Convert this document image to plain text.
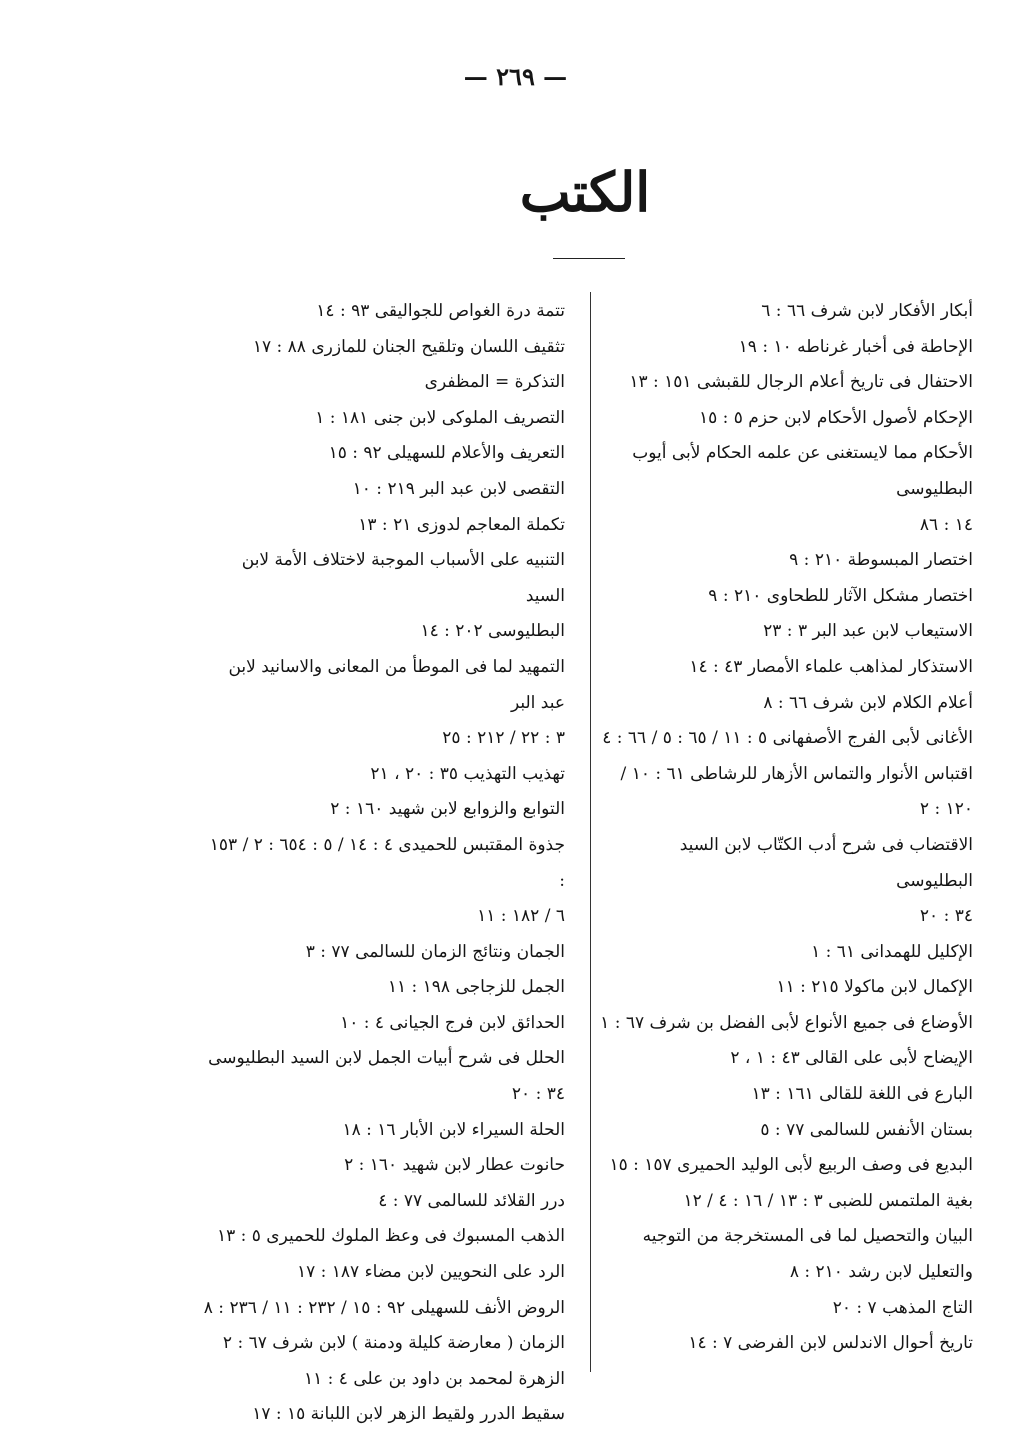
— ٢٦٩ —
الكتب
أبكار الأفكار لابن شرف ٦٦ : ٦
الإحاطة فى أخبار غرناطه ١٠ : ١٩
الاحتفال فى تاريخ أعلام الرجال للقبشى ١٥١ : ١٣
الإحكام لأصول الأحكام لابن حزم ٥ : ١٥
الأحكام مما لايستغنى عن علمه الحكام لأبى أيوب البطليوسى
١٤ : ٨٦
اختصار المبسوطة ٢١٠ : ٩
اختصار مشكل الآثار للطحاوى ٢١٠ : ٩
الاستيعاب لابن عبد البر ٣ : ٢٣
الاستذكار لمذاهب علماء الأمصار ٤٣ : ١٤
أعلام الكلام لابن شرف ٦٦ : ٨
الأغانى لأبى الفرج الأصفهانى ٥ : ١١ / ٦٥ : ٥ / ٦٦ : ٤
اقتباس الأنوار والتماس الأزهار للرشاطى ٦١ : ١٠ / ١٢٠ : ٢
الاقتضاب فى شرح أدب الكتّاب لابن السيد البطليوسى
٣٤ : ٢٠
الإكليل للهمدانى ٦١ : ١
الإكمال لابن ماكولا ٢١٥ : ١١
الأوضاع فى جميع الأنواع لأبى الفضل بن شرف ٦٧ : ١
الإيضاح لأبى على القالى ٤٣ : ١ ، ٢
البارع فى اللغة للقالى ١٦١ : ١٣
بستان الأنفس للسالمى ٧٧ : ٥
البديع فى وصف الربيع لأبى الوليد الحميرى ١٥٧ : ١٥
بغية الملتمس للضبى ٣ : ١٣ / ١٦ : ٤ / ١٢
البيان والتحصيل لما فى المستخرجة من التوجيه
والتعليل لابن رشد ٢١٠ : ٨
التاج المذهب ٧ : ٢٠
تاريخ أحوال الاندلس لابن الفرضى ٧ : ١٤
تتمة درة الغواص للجواليقى ٩٣ : ١٤
تثقيف اللسان وتلقيح الجنان للمازرى ٨٨ : ١٧
التذكرة = المظفرى
التصريف الملوكى لابن جنى ١٨١ : ١
التعريف والأعلام للسهيلى ٩٢ : ١٥
التقصى لابن عبد البر ٢١٩ : ١٠
تكملة المعاجم لدوزى ٢١ : ١٣
التنبيه على الأسباب الموجبة لاختلاف الأمة لابن السيد
البطليوسى ٢٠٢ : ١٤
التمهيد لما فى الموطأ من المعانى والاسانيد لابن عبد البر
٣ : ٢٢ / ٢١٢ : ٢٥
تهذيب التهذيب ٣٥ : ٢٠ ، ٢١
التوابع والزوابع لابن شهيد ١٦٠ : ٢
جذوة المقتبس للحميدى ٤ : ١٤ / ٥ : ٦٥٤ : ٢ / ١٥٣ :
٦ / ١٨٢ : ١١
الجمان ونتائج الزمان للسالمى ٧٧ : ٣
الجمل للزجاجى ١٩٨ : ١١
الحدائق لابن فرج الجيانى ٤ : ١٠
الحلل فى شرح أبيات الجمل لابن السيد البطليوسى ٣٤ : ٢٠
الحلة السيراء لابن الأبار ١٦ : ١٨
حانوت عطار لابن شهيد ١٦٠ : ٢
درر القلائد للسالمى ٧٧ : ٤
الذهب المسبوك فى وعظ الملوك للحميرى ٥ : ١٣
الرد على النحويين لابن مضاء ١٨٧ : ١٧
الروض الأنف للسهيلى ٩٢ : ١٥ / ٢٣٢ : ١١ / ٢٣٦ : ٨
الزمان ( معارضة كليلة ودمنة ) لابن شرف ٦٧ : ٢
الزهرة لمحمد بن داود بن على ٤ : ١١
سقيط الدرر ولقيط الزهر لابن اللبانة ١٥ : ١٧
